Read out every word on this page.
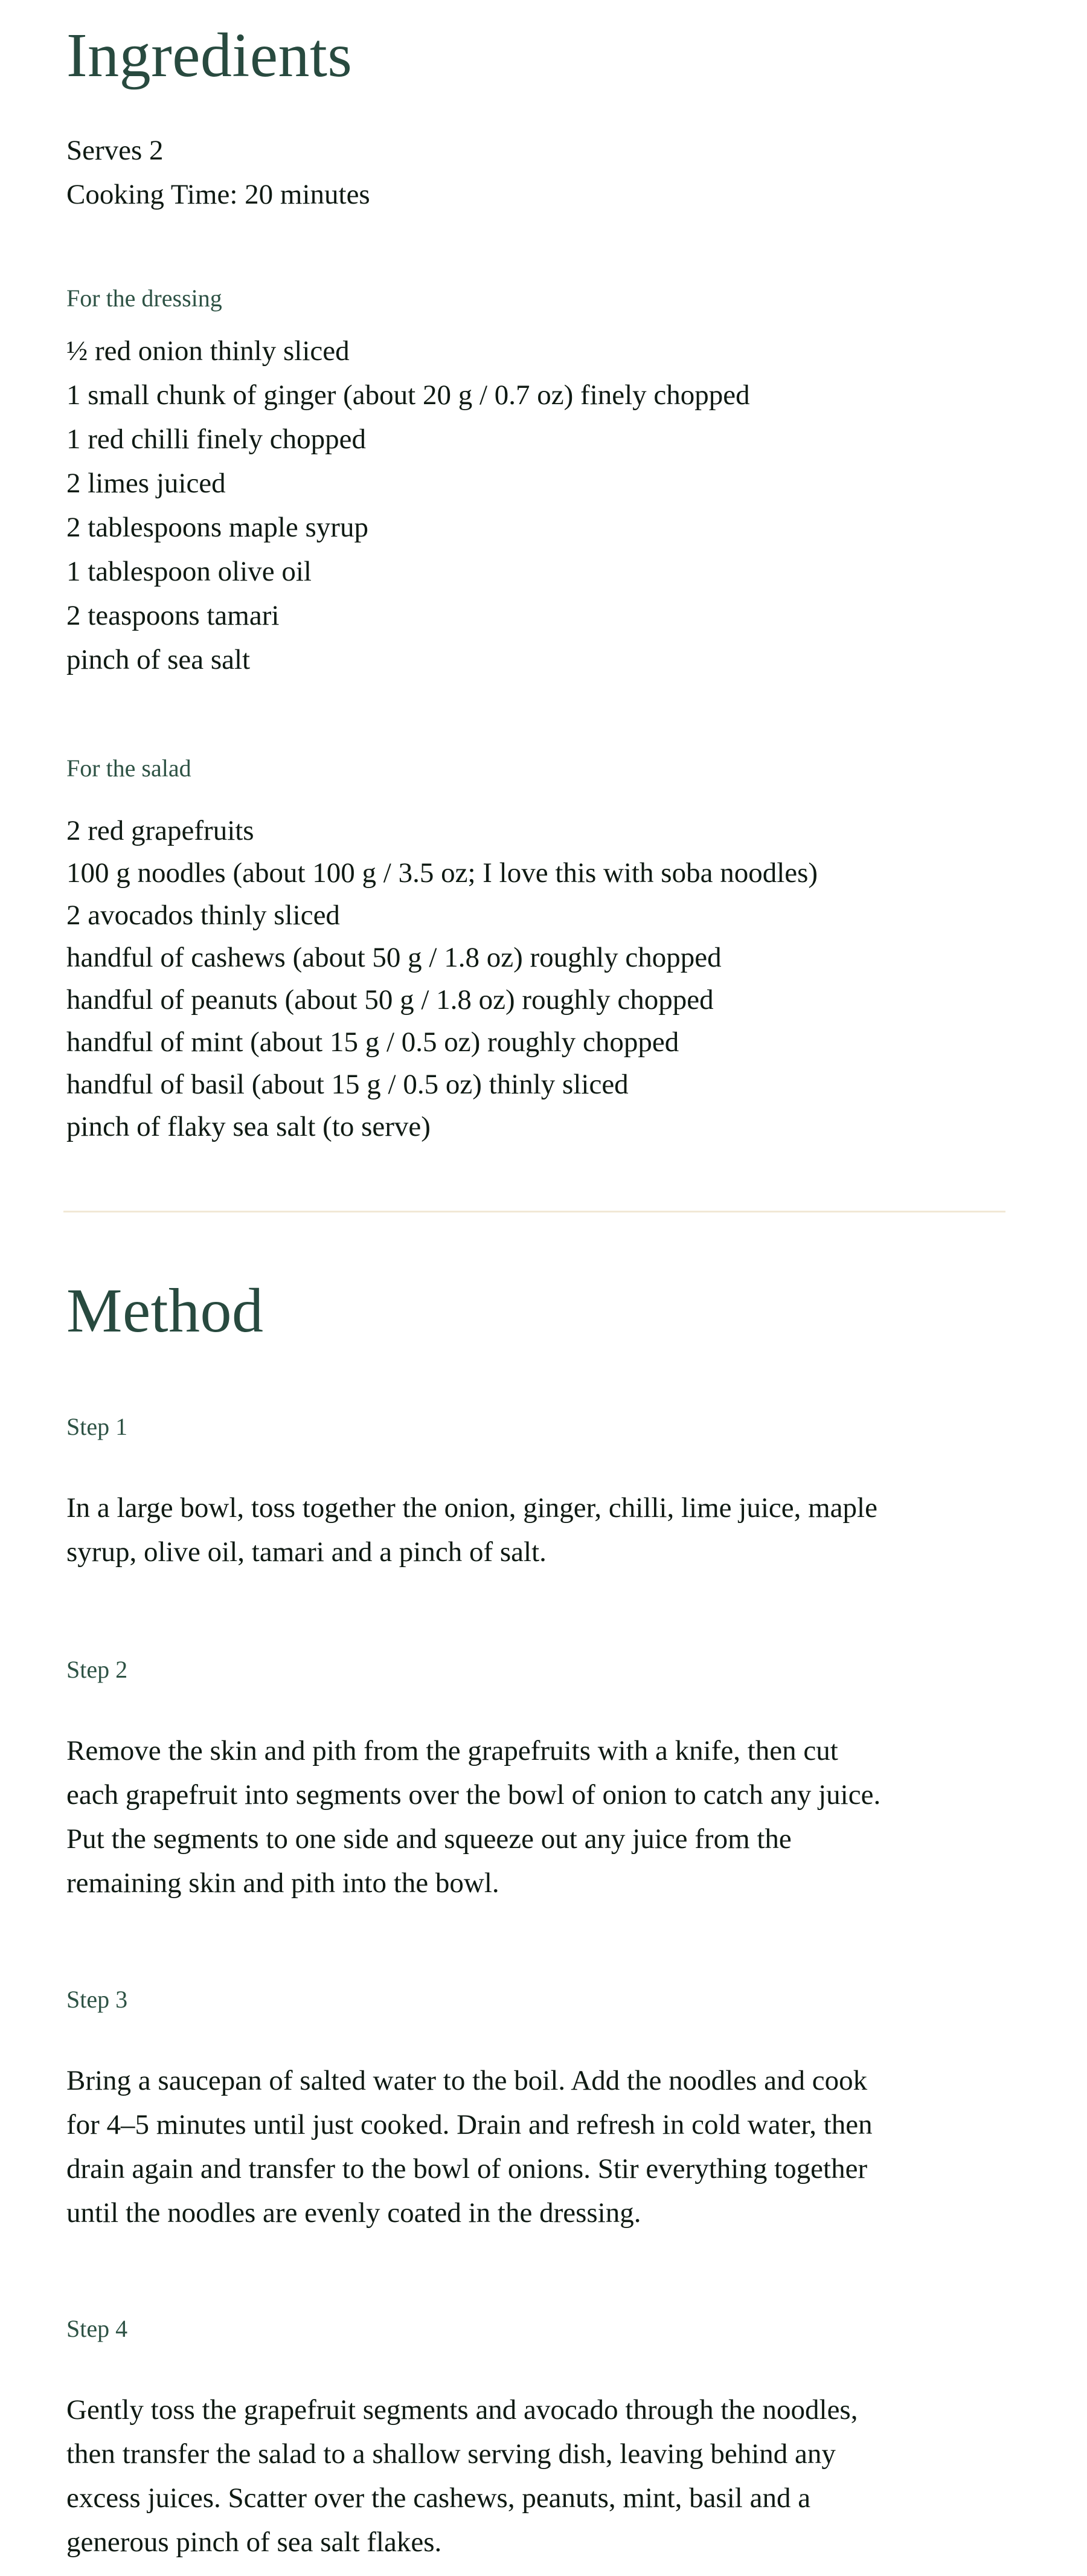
Ingredients
Serves 2
Cooking Time: 20 minutes
For the dressing
½ red onion thinly sliced
1 small chunk of ginger (about 20 g / 0.7 oz) finely chopped
1 red chilli finely chopped
2 limes juiced
2 tablespoons maple syrup
1 tablespoon olive oil
2 teaspoons tamari
pinch of sea salt
For the salad
2 red grapefruits
100 g noodles (about 100 g / 3.5 oz; I love this with soba noodles)
2 avocados thinly sliced
handful of cashews (about 50 g / 1.8 oz) roughly chopped
handful of peanuts (about 50 g / 1.8 oz) roughly chopped
handful of mint (about 15 g / 0.5 oz) roughly chopped
handful of basil (about 15 g / 0.5 oz) thinly sliced
pinch of flaky sea salt (to serve)
Method
Step 1

In a large bowl, toss together the onion, ginger, chilli, lime juice, maple
syrup, olive oil, tamari and a pinch of salt.

Step 2

Remove the skin and pith from the grapefruits with a knife, then cut
each grapefruit into segments over the bowl of onion to catch any juice.
Put the segments to one side and squeeze out any juice from the
remaining skin and pith into the bowl.

Step 3

Bring a saucepan of salted water to the boil. Add the noodles and cook
for 4–5 minutes until just cooked. Drain and refresh in cold water, then
drain again and transfer to the bowl of onions. Stir everything together
until the noodles are evenly coated in the dressing.

Step 4

Gently toss the grapefruit segments and avocado through the noodles,
then transfer the salad to a shallow serving dish, leaving behind any
excess juices. Scatter over the cashews, peanuts, mint, basil and a
generous pinch of sea salt flakes.
